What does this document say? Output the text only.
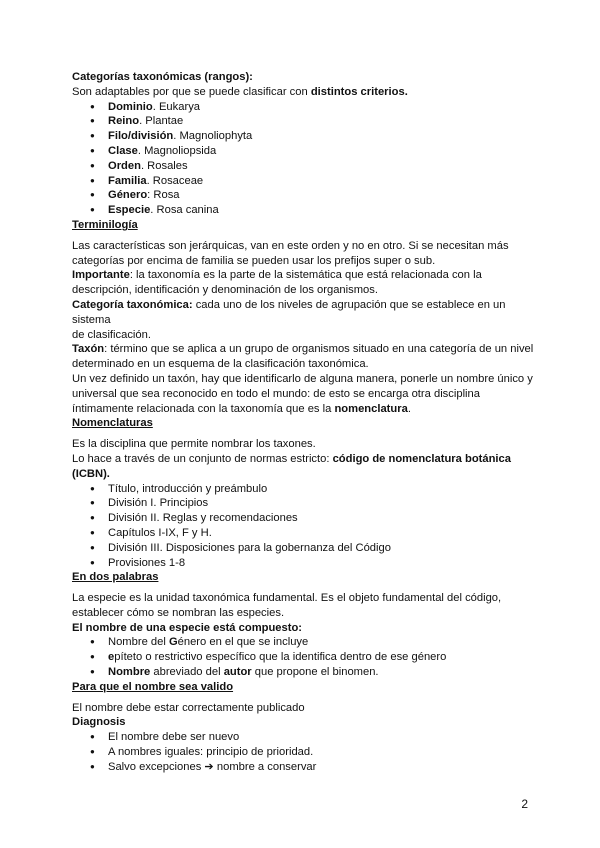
Categorías taxonómicas (rangos):

Son adaptables por que se puede clasificar con distintos criterios.

● Dominio. Eukarya
● Reino. Plantae
● Filo/división. Magnoliophyta
● Clase. Magnoliopsida
● Orden. Rosales
● Familia. Rosaceae
● Género: Rosa
● Especie. Rosa canina

Terminilogía

Las características son jerárquicas, van en este orden y no en otro. Si se necesitan más categorías por encima de familia se pueden usar los prefijos super o sub.

Importante: la taxonomía es la parte de la sistemática que está relacionada con la descripción, identificación y denominación de los organismos.

Categoría taxonómica: cada uno de los niveles de agrupación que se establece en un sistema

de clasificación.

Taxón: término que se aplica a un grupo de organismos situado en una categoría de un nivel determinado en un esquema de la clasificación taxonómica.

Un vez definido un taxón, hay que identificarlo de alguna manera, ponerle un nombre único y universal que sea reconocido en todo el mundo: de esto se encarga otra disciplina íntimamente relacionada con la taxonomía que es la nomenclatura.

Nomenclaturas

Es la disciplina que permite nombrar los taxones.

Lo hace a través de un conjunto de normas estricto: código de nomenclatura botánica (ICBN).

● Título, introducción y preámbulo
● División I. Principios
● División II. Reglas y recomendaciones
● Capítulos I-IX, F y H.
● División III. Disposiciones para la gobernanza del Código
● Provisiones 1-8

En dos palabras

La especie es la unidad taxonómica fundamental. Es el objeto fundamental del código, establecer cómo se nombran las especies.

El nombre de una especie está compuesto:

● Nombre del Género en el que se incluye
● epíteto o restrictivo específico que la identifica dentro de ese género
● Nombre abreviado del autor que propone el binomen.

Para que el nombre sea valido

El nombre debe estar correctamente publicado

Diagnosis

● El nombre debe ser nuevo
● A nombres iguales: principio de prioridad.
● Salvo excepciones ➔ nombre a conservar
2
